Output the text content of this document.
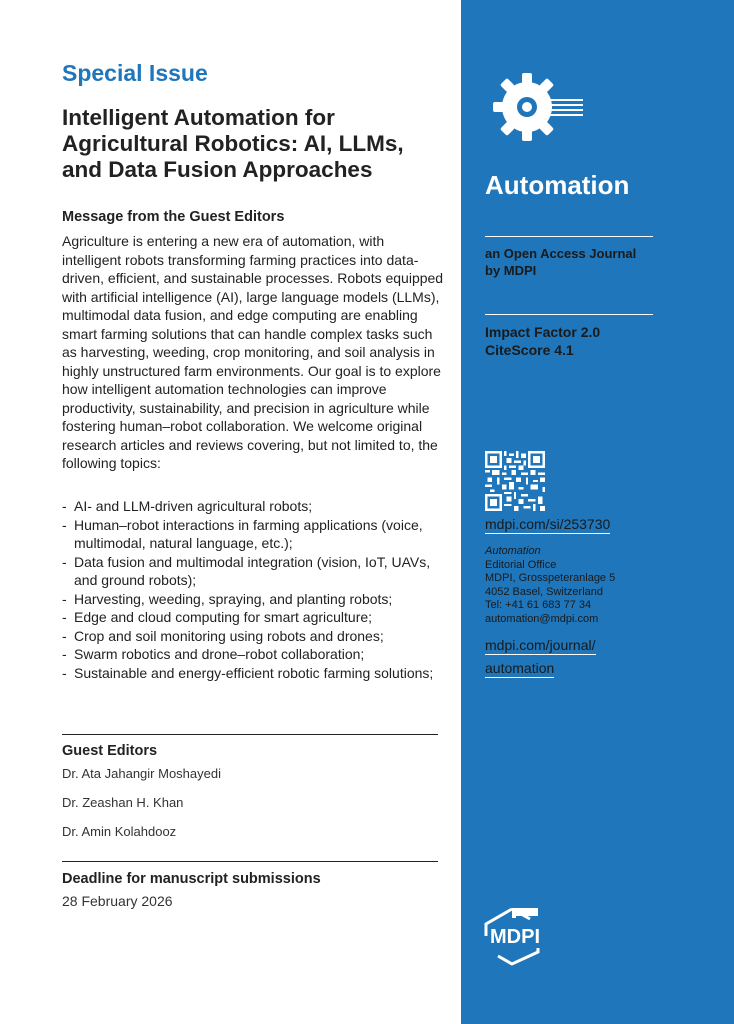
Special Issue
Intelligent Automation for
Agricultural Robotics: AI, LLMs,
and Data Fusion Approaches
Message from the Guest Editors
Agriculture is entering a new era of automation, with intelligent robots transforming farming practices into data-driven, efficient, and sustainable processes. Robots equipped with artificial intelligence (AI), large language models (LLMs), multimodal data fusion, and edge computing are enabling smart farming solutions that can handle complex tasks such as harvesting, weeding, crop monitoring, and soil analysis in highly unstructured farm environments. Our goal is to explore how intelligent automation technologies can improve productivity, sustainability, and precision in agriculture while fostering human–robot collaboration. We welcome original research articles and reviews covering, but not limited to, the following topics:
- AI- and LLM-driven agricultural robots;
- Human–robot interactions in farming applications (voice, multimodal, natural language, etc.);
- Data fusion and multimodal integration (vision, IoT, UAVs, and ground robots);
- Harvesting, weeding, spraying, and planting robots;
- Edge and cloud computing for smart agriculture;
- Crop and soil monitoring using robots and drones;
- Swarm robotics and drone–robot collaboration;
- Sustainable and energy-efficient robotic farming solutions;
Guest Editors
Dr. Ata Jahangir Moshayedi
Dr. Zeashan H. Khan
Dr. Amin Kolahdooz
Deadline for manuscript submissions
28 February 2026
Automation
an Open Access Journal
by MDPI
Impact Factor 2.0
CiteScore 4.1
mdpi.com/si/253730
Automation
Editorial Office
MDPI, Grosspeteranlage 5
4052 Basel, Switzerland
Tel: +41 61 683 77 34
automation@mdpi.com
mdpi.com/journal/
automation
MDPI
